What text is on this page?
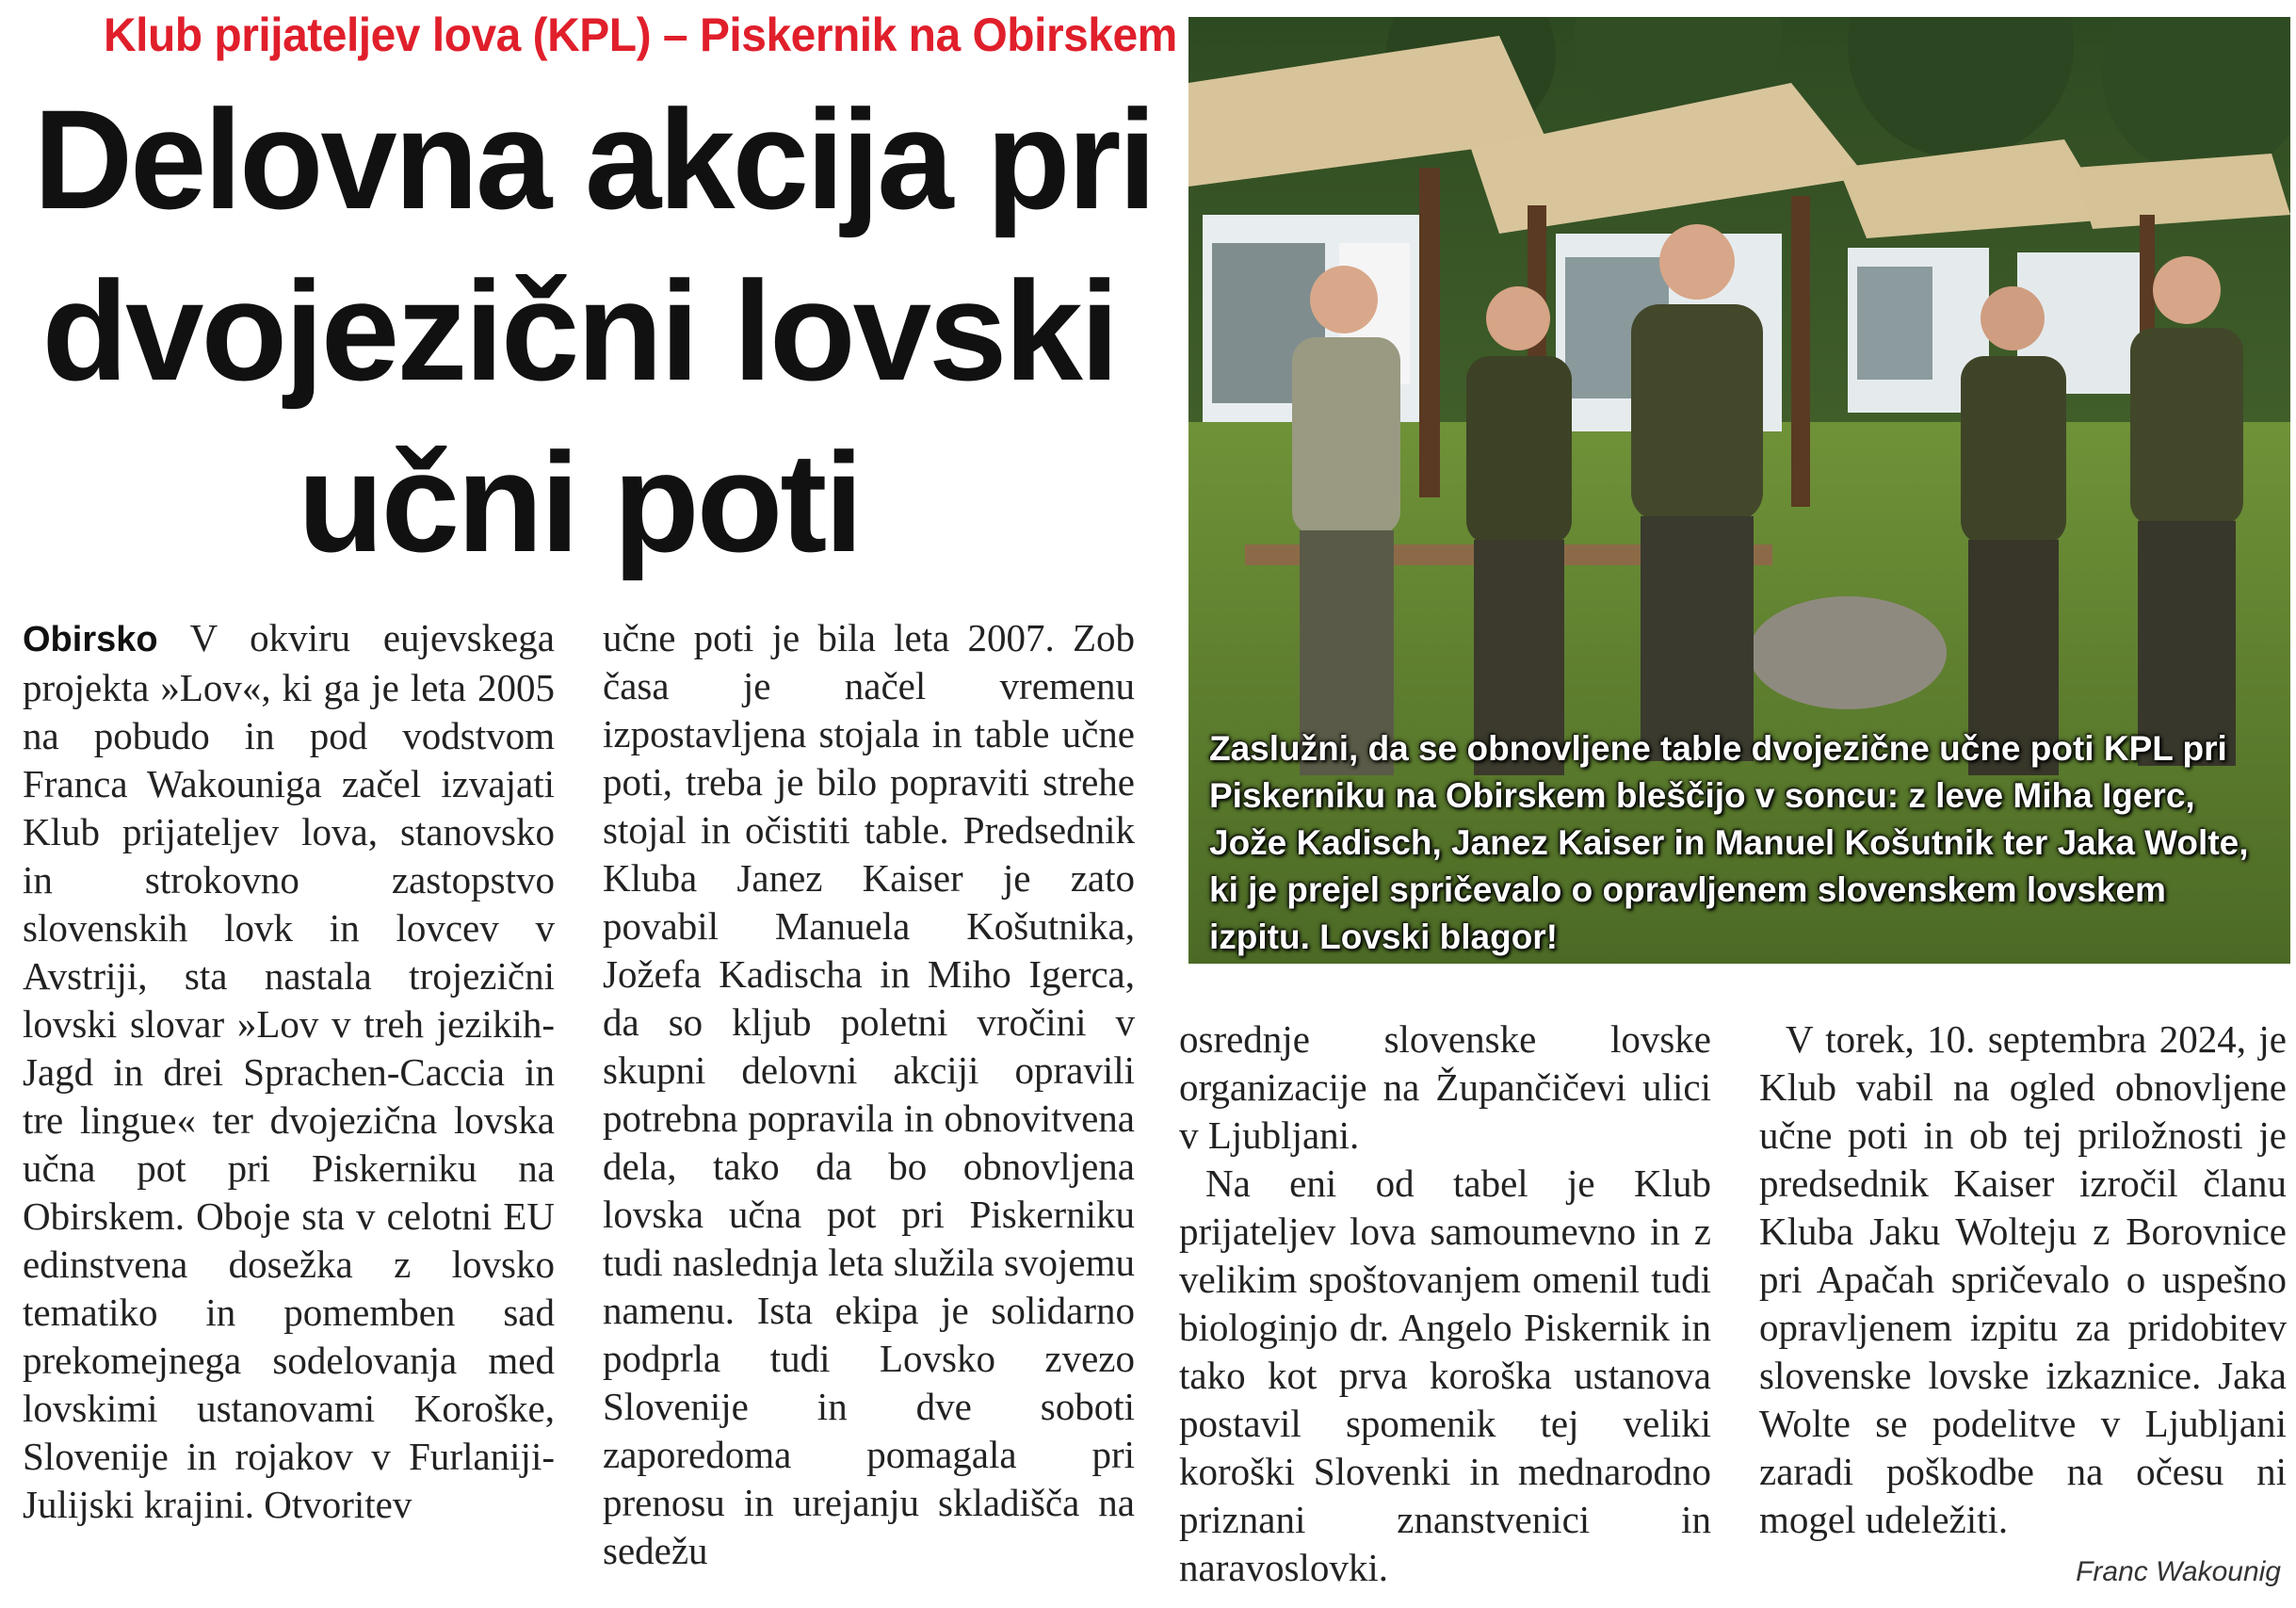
Klub prijateljev lova (KPL) – Piskernik na Obirskem
Delovna akcija pri
dvojezični lovski
učni poti
Zaslužni, da se obnovljene table dvojezične učne poti KPL pri Piskerniku na Obirskem bleščijo v soncu: z leve Miha Igerc, Jože Kadisch, Janez Kaiser in Manuel Košutnik ter Jaka Wolte, ki je prejel spričevalo o opravljenem slovenskem lovskem izpitu. Lovski blagor!

Obirsko V okviru eujevskega projekta »Lov«, ki ga je leta 2005 na pobudo in pod vodstvom Franca Wakouniga začel izvajati Klub prijateljev lova, stanovsko in strokovno zastopstvo slovenskih lovk in lovcev v Avstriji, sta nastala trojezični lovski slovar »Lov v treh jezikih-Jagd in drei Sprachen-Caccia in tre lingue« ter dvojezična lovska učna pot pri Piskerniku na Obirskem. Oboje sta v celotni EU edinstvena dosežka z lovsko tematiko in pomemben sad prekomejnega sodelovanja med lovskimi ustanovami Koroške, Slovenije in rojakov v Furlaniji-Julijski krajini. Otvoritev

učne poti je bila leta 2007. Zob časa je načel vremenu izpostavljena stojala in table učne poti, treba je bilo popraviti strehe stojal in očistiti table. Predsednik Kluba Janez Kaiser je zato povabil Manuela Košutnika, Jožefa Kadischa in Miho Igerca, da so kljub poletni vročini v skupni delovni akciji opravili potrebna popravila in obnovitvena dela, tako da bo obnovljena lovska učna pot pri Piskerniku tudi naslednja leta služila svojemu namenu. Ista ekipa je solidarno podprla tudi Lovsko zvezo Slovenije in dve soboti zaporedoma pomagala pri prenosu in urejanju skladišča na sedežu

osrednje slovenske lovske organizacije na Župančičevi ulici v Ljubljani.

Na eni od tabel je Klub prijateljev lova samoumevno in z velikim spoštovanjem omenil tudi biologinjo dr. Angelo Piskernik in tako kot prva koroška ustanova postavil spomenik tej veliki koroški Slovenki in mednarodno priznani znanstvenici in naravoslovki.

V torek, 10. septembra 2024, je Klub vabil na ogled obnovljene učne poti in ob tej priložnosti je predsednik Kaiser izročil članu Kluba Jaku Wolteju z Borovnice pri Apačah spričevalo o uspešno opravljenem izpitu za pridobitev slovenske lovske izkaznice. Jaka Wolte se podelitve v Ljubljani zaradi poškodbe na očesu ni mogel udeležiti.

Franc Wakounig
